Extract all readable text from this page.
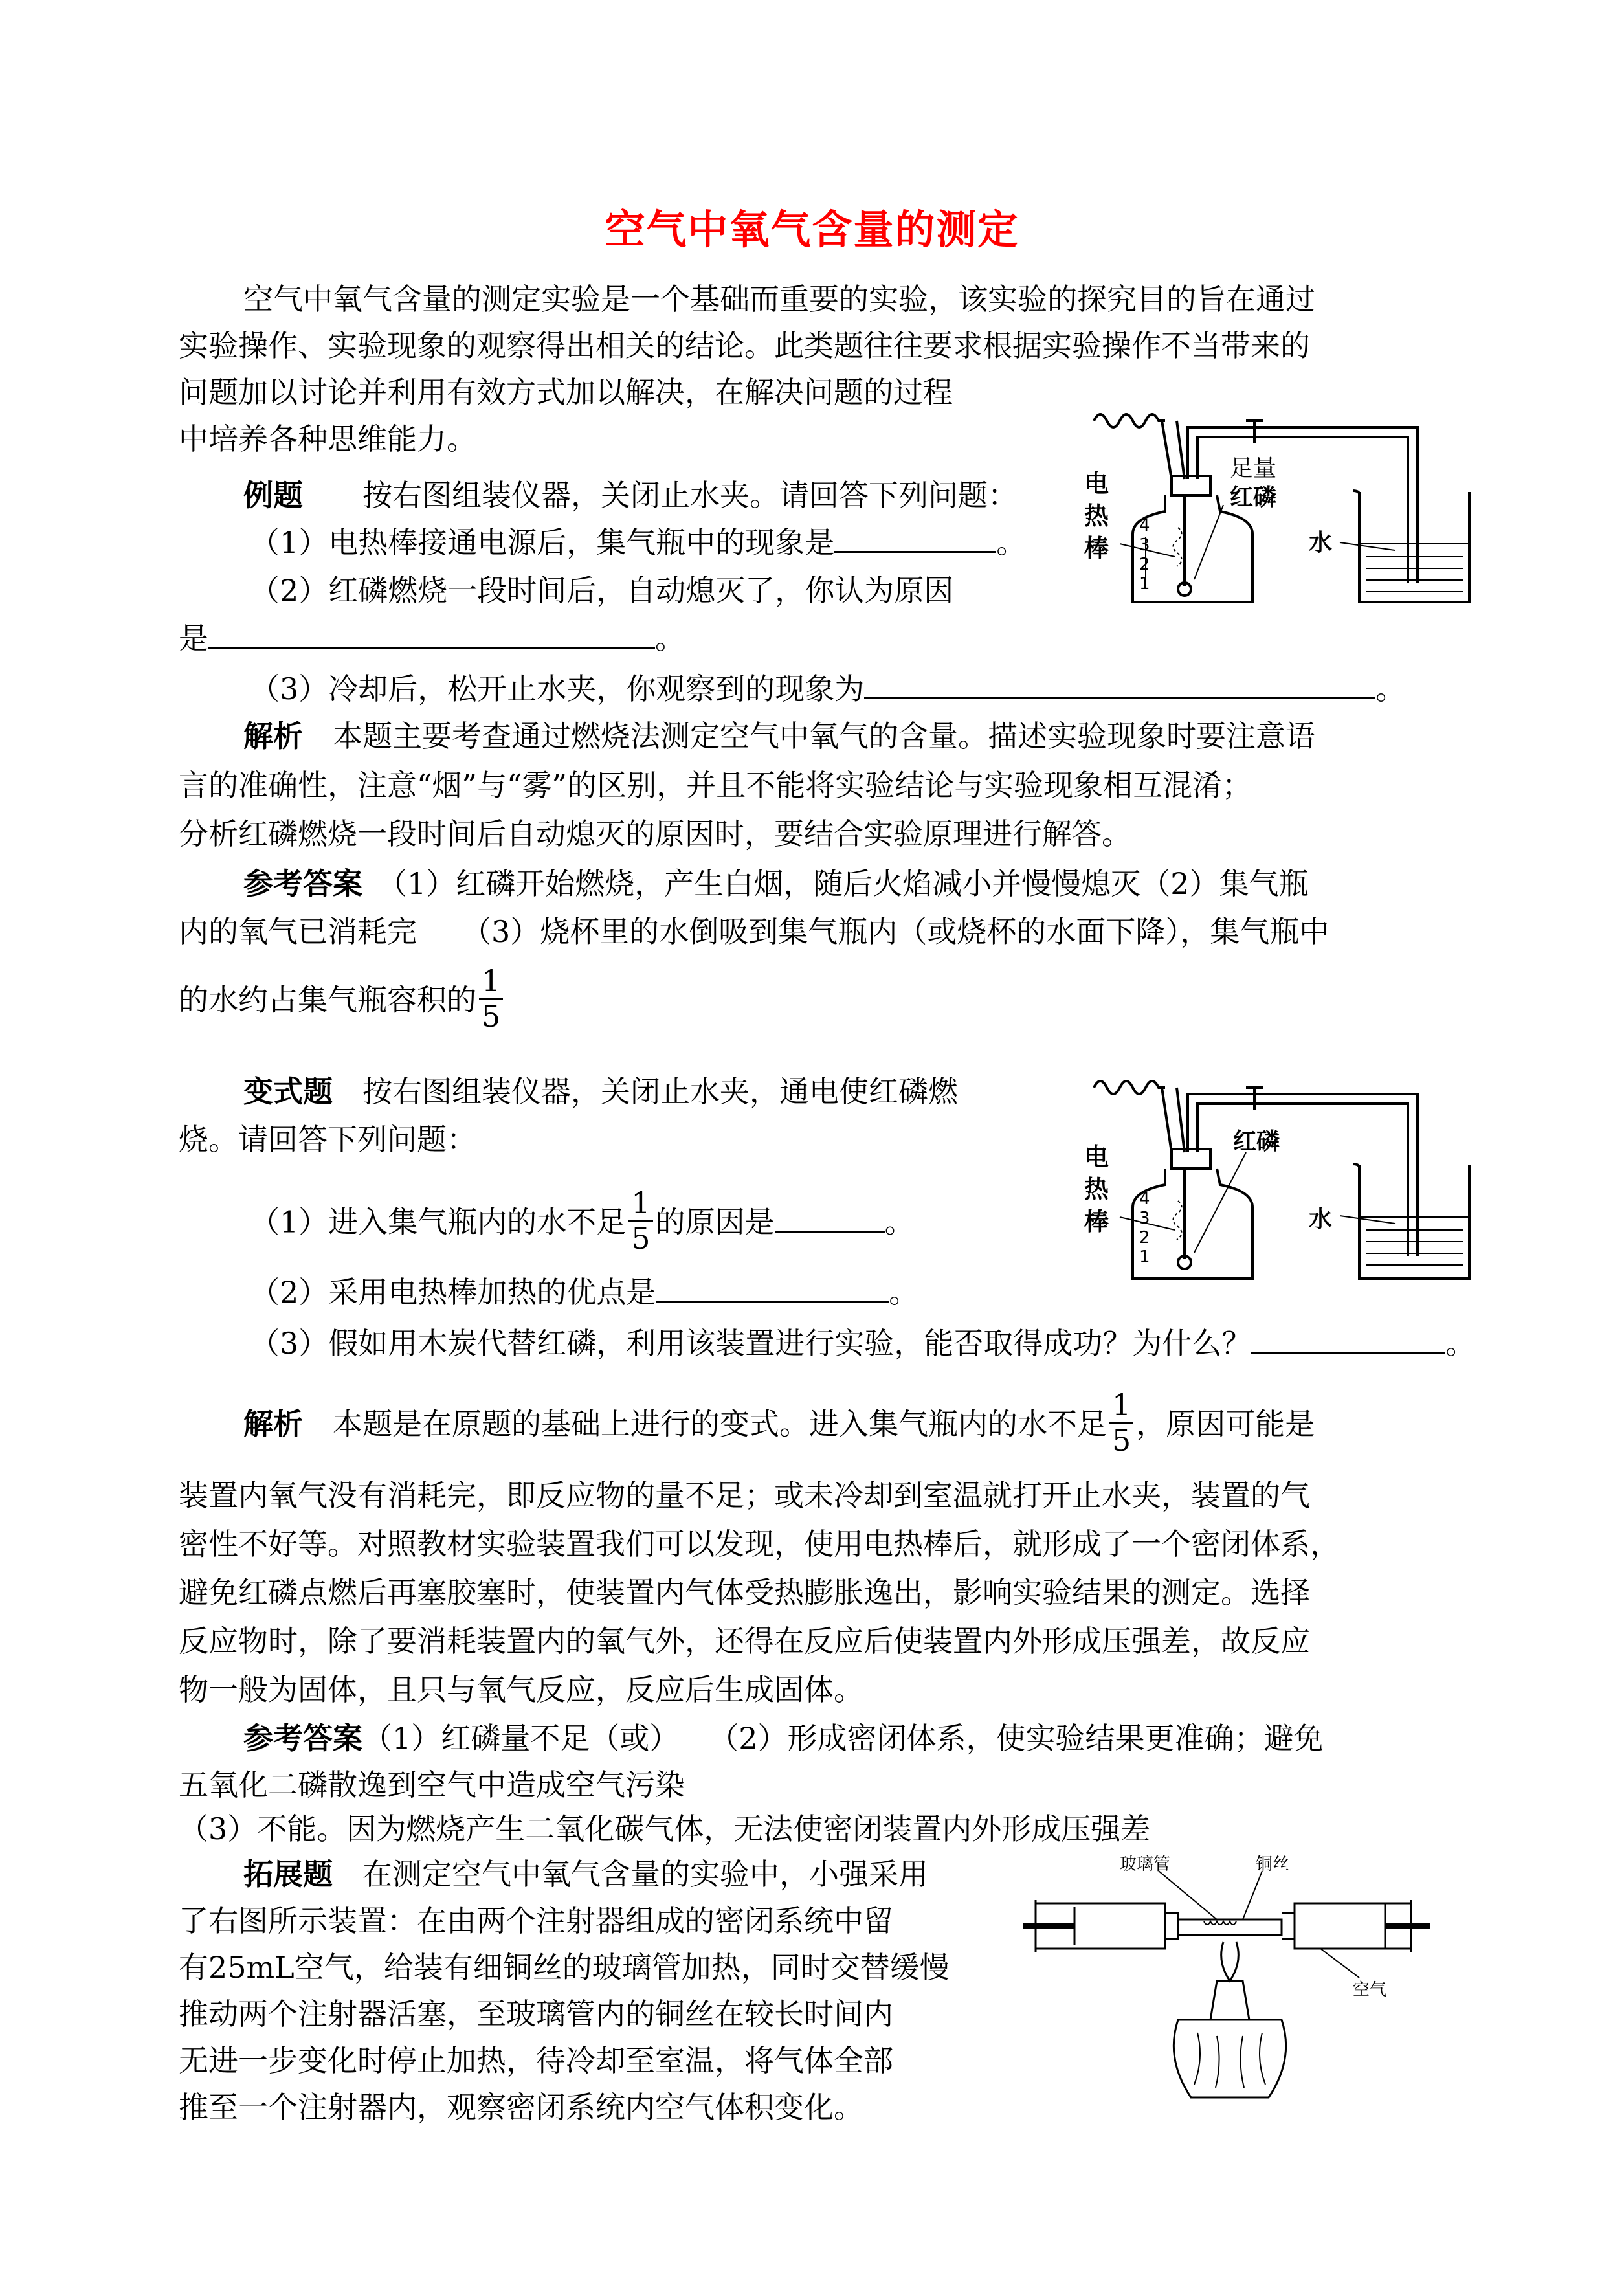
空气中氧气含量的测定
空气中氧气含量的测定实验是一个基础而重要的实验，该实验的探究目的旨在通过
实验操作、实验现象的观察得出相关的结论。此类题往往要求根据实验操作不当带来的
问题加以讨论并利用有效方式加以解决，在解决问题的过程
中培养各种思维能力。
例题　　 按右图组装仪器，关闭止水夹。请回答下列问题：
（1）电热棒接通电源后，集气瓶中的现象是	。
（2）红磷燃烧一段时间后，自动熄灭了，你认为原因
是	。
（3）冷却后，松开止水夹，你观察到的现象为	。
解析　 本题主要考查通过燃烧法测定空气中氧气的含量。描述实验现象时要注意语
言的准确性，注意“烟”与“雾”的区别，并且不能将实验结论与实验现象相互混淆；
分析红磷燃烧一段时间后自动熄灭的原因时，要结合实验原理进行解答。
参考答案　 （1）红磷开始燃烧，产生白烟，随后火焰减小并慢慢熄灭（2）集气瓶
内的氧气已消耗完　　（3）烧杯里的水倒吸到集气瓶内（或烧杯的水面下降），集气瓶中
的水约占集气瓶容积的 $\frac{1}{5}$
变式题　 按右图组装仪器，关闭止水夹，通电使红磷燃
烧。请回答下列问题：
（1）进入集气瓶内的水不足 $\frac{1}{5}$ 的原因是	。
（2）采用电热棒加热的优点是	。
（3）假如用木炭代替红磷，利用该装置进行实验，能否取得成功？为什么？	。
解析　 本题是在原题的基础上进行的变式。进入集气瓶内的水不足 $\frac{1}{5}$ ，原因可能是
装置内氧气没有消耗完，即反应物的量不足；或未冷却到室温就打开止水夹，装置的气
密性不好等。对照教材实验装置我们可以发现，使用电热棒后，就形成了一个密闭体系，
避免红磷点燃后再塞胶塞时，使装置内气体受热膨胀逸出，影响实验结果的测定。选择
反应物时，除了要消耗装置内的氧气外，还得在反应后使装置内外形成压强差，故反应
物一般为固体，且只与氧气反应，反应后生成固体。
参考答案（1）红磷量不足（或）　　（2）形成密闭体系，使实验结果更准确；避免
五氧化二磷散逸到空气中造成空气污染
（3）不能。因为燃烧产生二氧化碳气体，无法使密闭装置内外形成压强差
拓展题　 在测定空气中氧气含量的实验中，小强采用
了右图所示装置：在由两个注射器组成的密闭系统中留
有25mL空气，给装有细铜丝的玻璃管加热，同时交替缓慢
推动两个注射器活塞，至玻璃管内的铜丝在较长时间内
无进一步变化时停止加热，待冷却至室温，将气体全部
推至一个注射器内，观察密闭系统内空气体积变化。
4
3
2
1
电
热
棒
足量
红磷
水
4
3
2
1
电
热
棒
红磷
水
玻璃管	铜丝
空气
